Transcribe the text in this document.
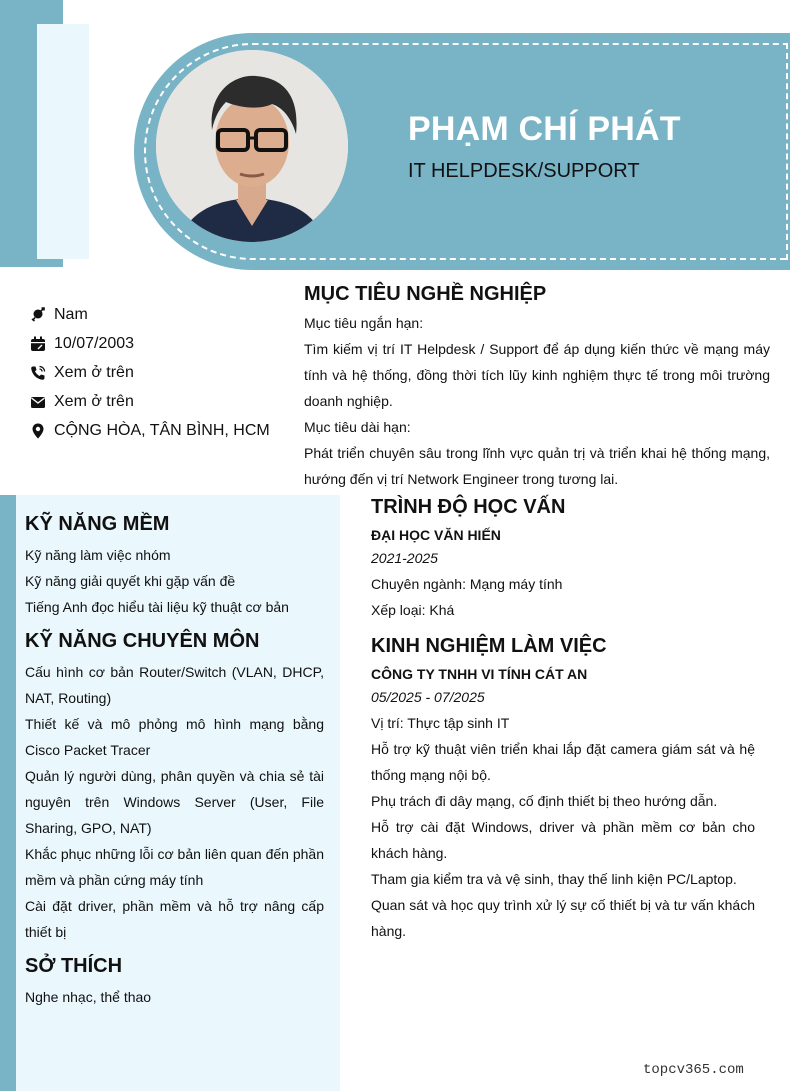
PHẠM CHÍ PHÁT
IT HELPDESK/SUPPORT
Nam
10/07/2003
Xem ở trên
Xem ở trên
CỘNG HÒA, TÂN BÌNH, HCM
MỤC TIÊU NGHỀ NGHIỆP
Mục tiêu ngắn hạn:
Tìm kiếm vị trí IT Helpdesk / Support để áp dụng kiến thức về mạng máy tính và hệ thống, đồng thời tích lũy kinh nghiệm thực tế trong môi trường doanh nghiệp.
Mục tiêu dài hạn:
Phát triển chuyên sâu trong lĩnh vực quản trị và triển khai hệ thống mạng, hướng đến vị trí Network Engineer trong tương lai.
KỸ NĂNG MỀM
Kỹ năng làm việc nhóm
Kỹ năng giải quyết khi gặp vấn đề
Tiếng Anh đọc hiểu tài liệu kỹ thuật cơ bản
KỸ NĂNG CHUYÊN MÔN
Cấu hình cơ bản Router/Switch (VLAN, DHCP, NAT, Routing)
Thiết kế và mô phỏng mô hình mạng bằng Cisco Packet Tracer
Quản lý người dùng, phân quyền và chia sẻ tài nguyên trên Windows Server (User, File Sharing, GPO, NAT)
Khắc phục những lỗi cơ bản liên quan đến phần mềm và phần cứng máy tính
Cài đặt driver, phần mềm và hỗ trợ nâng cấp thiết bị
SỞ THÍCH
Nghe nhạc, thể thao
TRÌNH ĐỘ HỌC VẤN
ĐẠI HỌC VĂN HIẾN
2021-2025
Chuyên ngành: Mạng máy tính
Xếp loại: Khá
KINH NGHIỆM LÀM VIỆC
CÔNG TY TNHH VI TÍNH CÁT AN
05/2025 - 07/2025
Vị trí: Thực tập sinh IT
Hỗ trợ kỹ thuật viên triển khai lắp đặt camera giám sát và hệ thống mạng nội bộ.
Phụ trách đi dây mạng, cố định thiết bị theo hướng dẫn.
Hỗ trợ cài đặt Windows, driver và phần mềm cơ bản cho khách hàng.
Tham gia kiểm tra và vệ sinh, thay thế linh kiện PC/Laptop.
Quan sát và học quy trình xử lý sự cố thiết bị và tư vấn khách hàng.
topcv365.com
